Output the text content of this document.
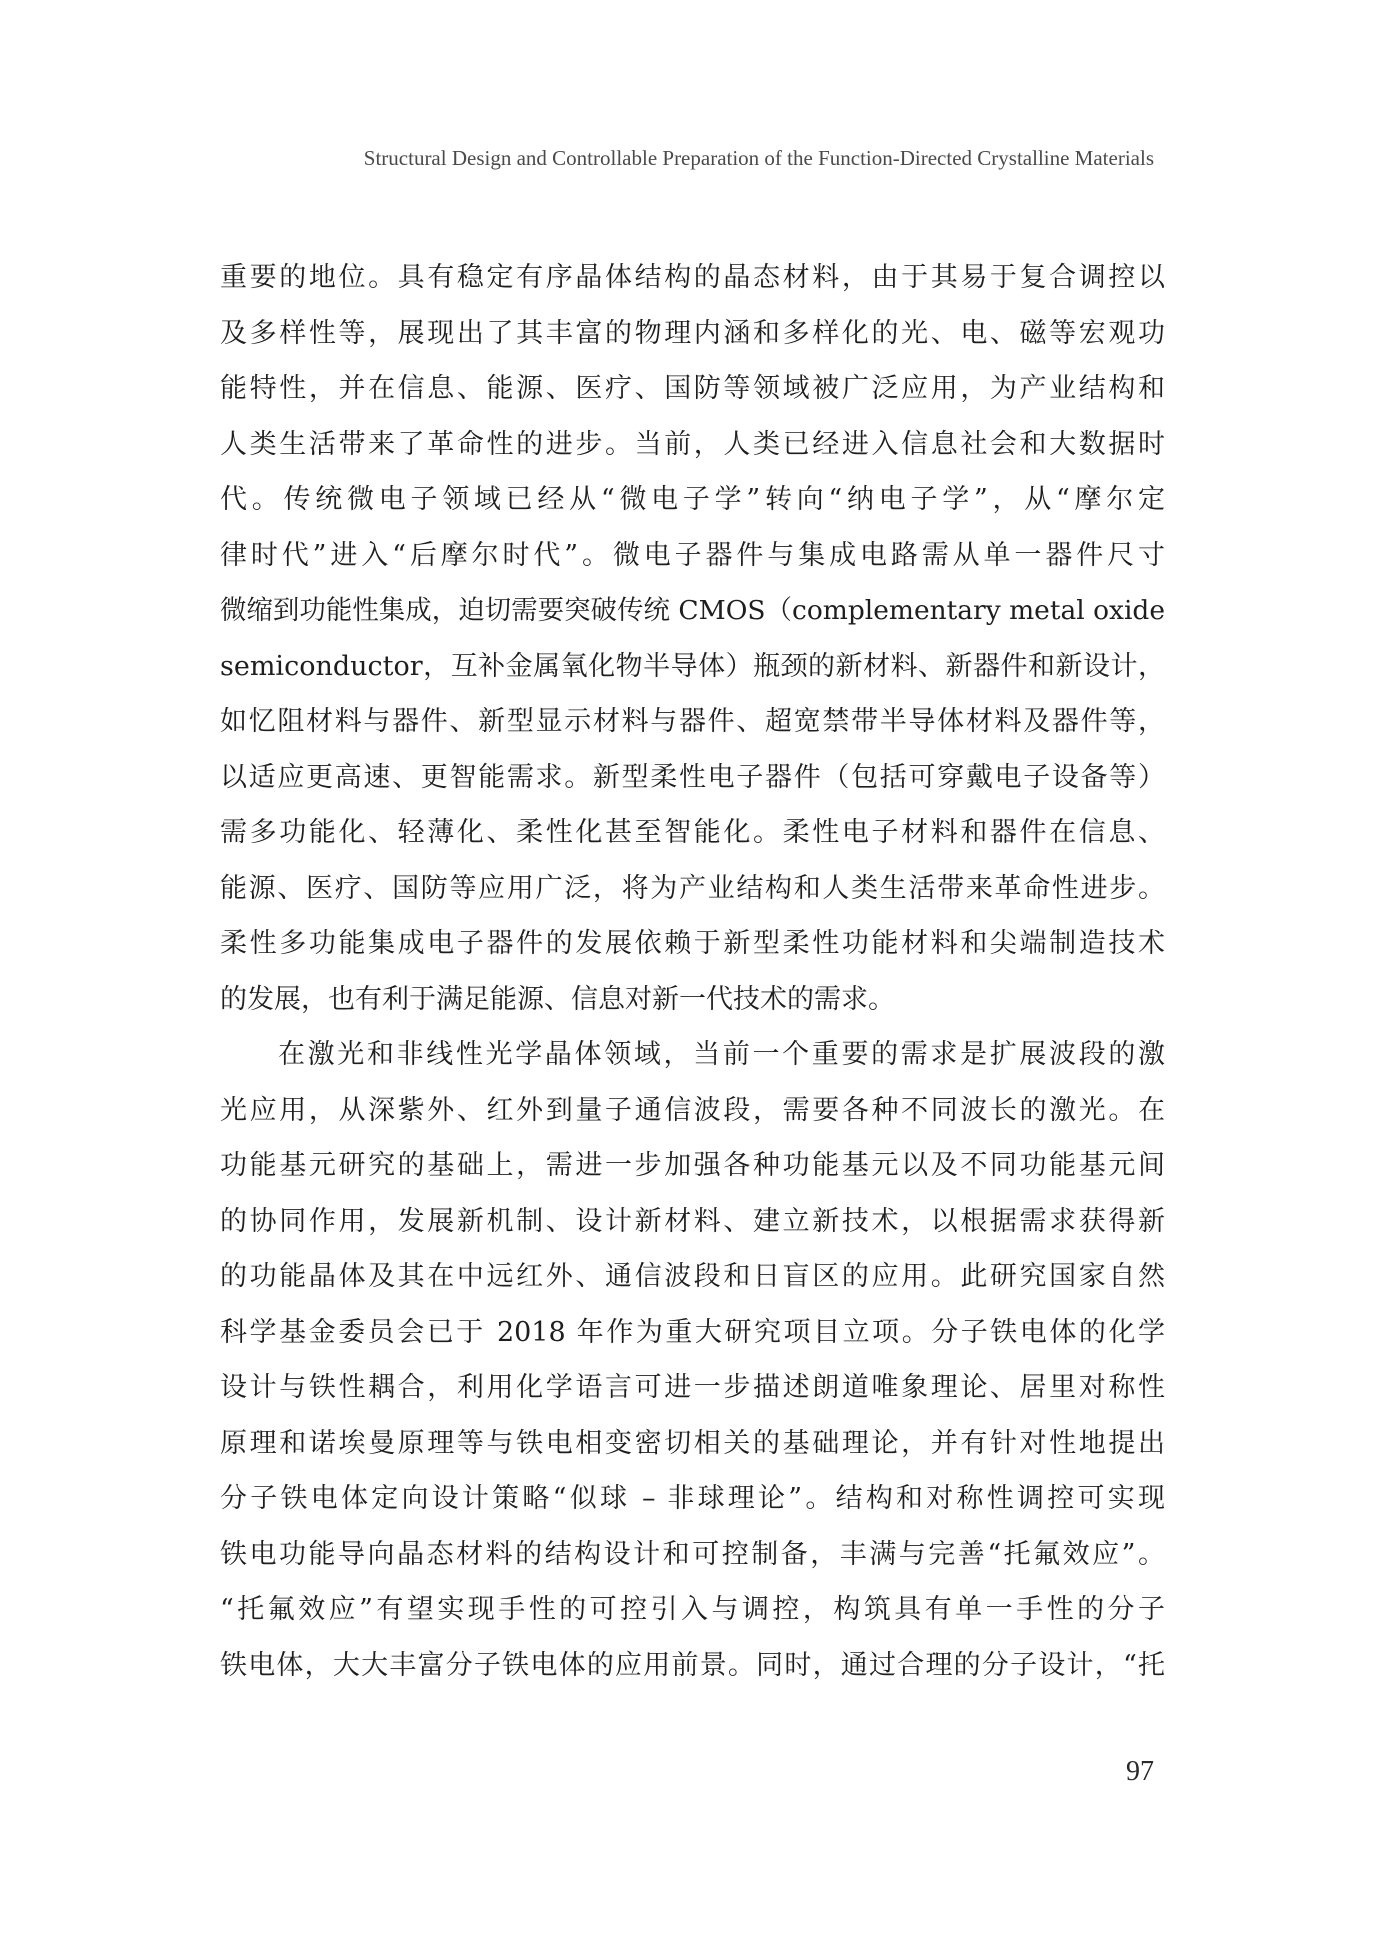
Structural Design and Controllable Preparation of the Function-Directed Crystalline Materials
重要的地位。具有稳定有序晶体结构的晶态材料，由于其易于复合调控以
及多样性等，展现出了其丰富的物理内涵和多样化的光、电、磁等宏观功
能特性，并在信息、能源、医疗、国防等领域被广泛应用，为产业结构和
人类生活带来了革命性的进步。当前，人类已经进入信息社会和大数据时
代。传统微电子领域已经从“微电子学”转向“纳电子学”，从“摩尔定
律时代”进入“后摩尔时代”。微电子器件与集成电路需从单一器件尺寸
微缩到功能性集成，迫切需要突破传统 CMOS（complementary metal oxide
semiconductor，互补金属氧化物半导体）瓶颈的新材料、新器件和新设计，
如忆阻材料与器件、新型显示材料与器件、超宽禁带半导体材料及器件等，
以适应更高速、更智能需求。新型柔性电子器件（包括可穿戴电子设备等）
需多功能化、轻薄化、柔性化甚至智能化。柔性电子材料和器件在信息、
能源、医疗、国防等应用广泛，将为产业结构和人类生活带来革命性进步。
柔性多功能集成电子器件的发展依赖于新型柔性功能材料和尖端制造技术
的发展，也有利于满足能源、信息对新一代技术的需求。
在激光和非线性光学晶体领域，当前一个重要的需求是扩展波段的激
光应用，从深紫外、红外到量子通信波段，需要各种不同波长的激光。在
功能基元研究的基础上，需进一步加强各种功能基元以及不同功能基元间
的协同作用，发展新机制、设计新材料、建立新技术，以根据需求获得新
的功能晶体及其在中远红外、通信波段和日盲区的应用。此研究国家自然
科学基金委员会已于 2018 年作为重大研究项目立项。分子铁电体的化学
设计与铁性耦合，利用化学语言可进一步描述朗道唯象理论、居里对称性
原理和诺埃曼原理等与铁电相变密切相关的基础理论，并有针对性地提出
分子铁电体定向设计策略“似球 – 非球理论”。结构和对称性调控可实现
铁电功能导向晶态材料的结构设计和可控制备，丰满与完善“托氟效应”。
“托氟效应”有望实现手性的可控引入与调控，构筑具有单一手性的分子
铁电体，大大丰富分子铁电体的应用前景。同时，通过合理的分子设计，“托
97
